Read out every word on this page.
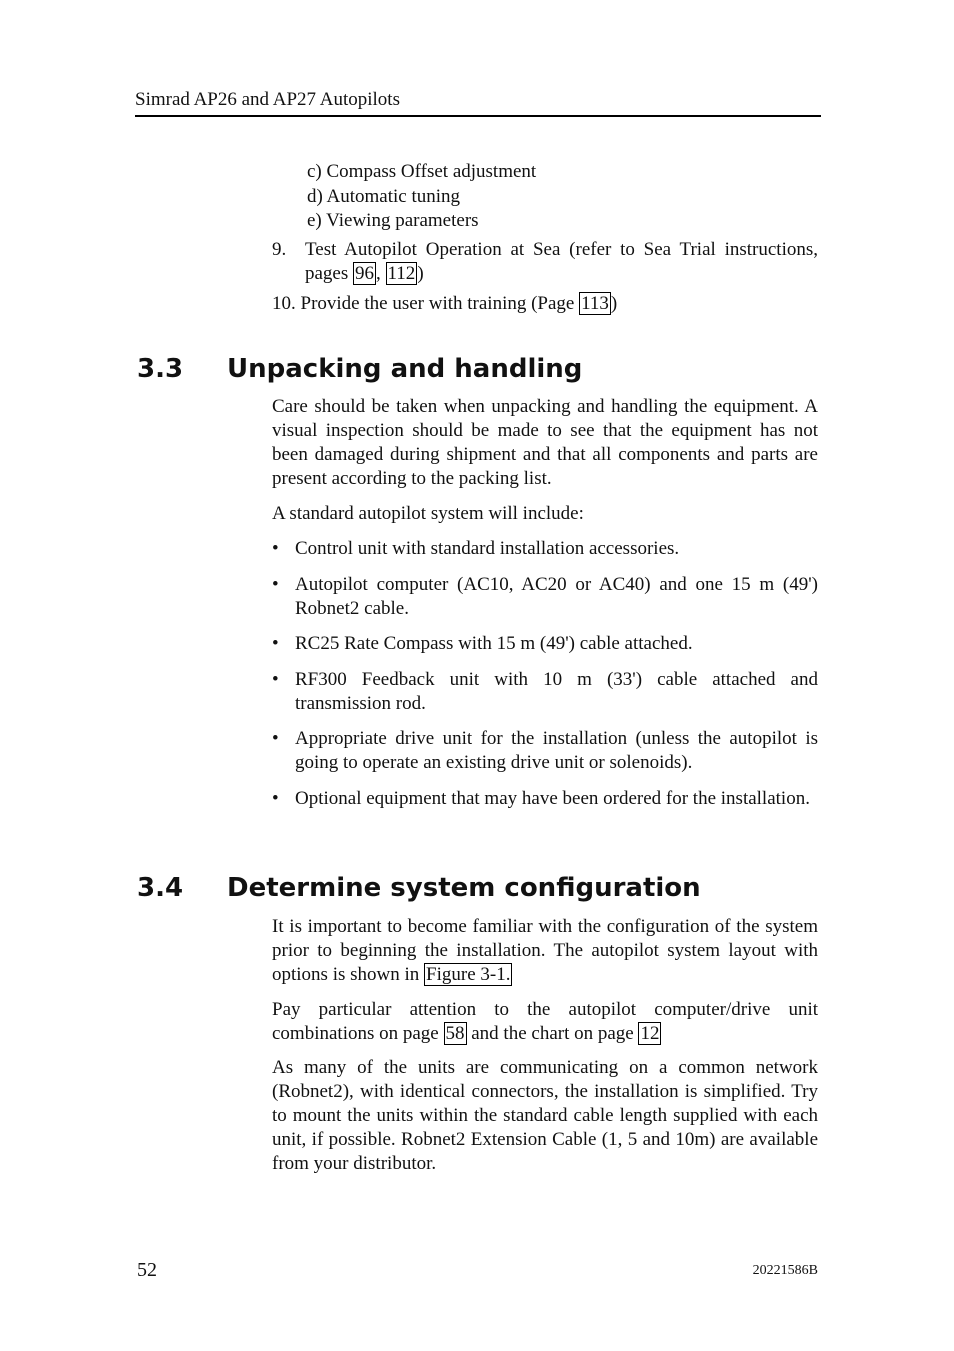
Simrad AP26 and AP27 Autopilots
c) Compass Offset adjustment
d) Automatic tuning
e) Viewing parameters
9. Test Autopilot Operation at Sea (refer to Sea Trial instructions, pages 96 , 112 )
10. Provide the user with training (Page 113 )
3.3 Unpacking and handling
Care should be taken when unpacking and handling the equipment. A visual inspection should be made to see that the equipment has not been damaged during shipment and that all components and parts are present according to the packing list.
A standard autopilot system will include:
• Control unit with standard installation accessories.
• Autopilot computer (AC10, AC20 or AC40) and one 15 m (49') Robnet2 cable.
• RC25 Rate Compass with 15 m (49') cable attached.
• RF300 Feedback unit with 10 m (33') cable attached and transmission rod.
• Appropriate drive unit for the installation (unless the autopilot is going to operate an existing drive unit or solenoids).
• Optional equipment that may have been ordered for the installation.
3.4 Determine system configuration
It is important to become familiar with the configuration of the system prior to beginning the installation. The autopilot system layout with options is shown in Figure 3-1.
Pay particular attention to the autopilot computer/drive unit combinations on page 58 and the chart on page 12
As many of the units are communicating on a common network (Robnet2), with identical connectors, the installation is simplified. Try to mount the units within the standard cable length supplied with each unit, if possible. Robnet2 Extension Cable (1, 5 and 10m) are available from your distributor.
52	20221586B
